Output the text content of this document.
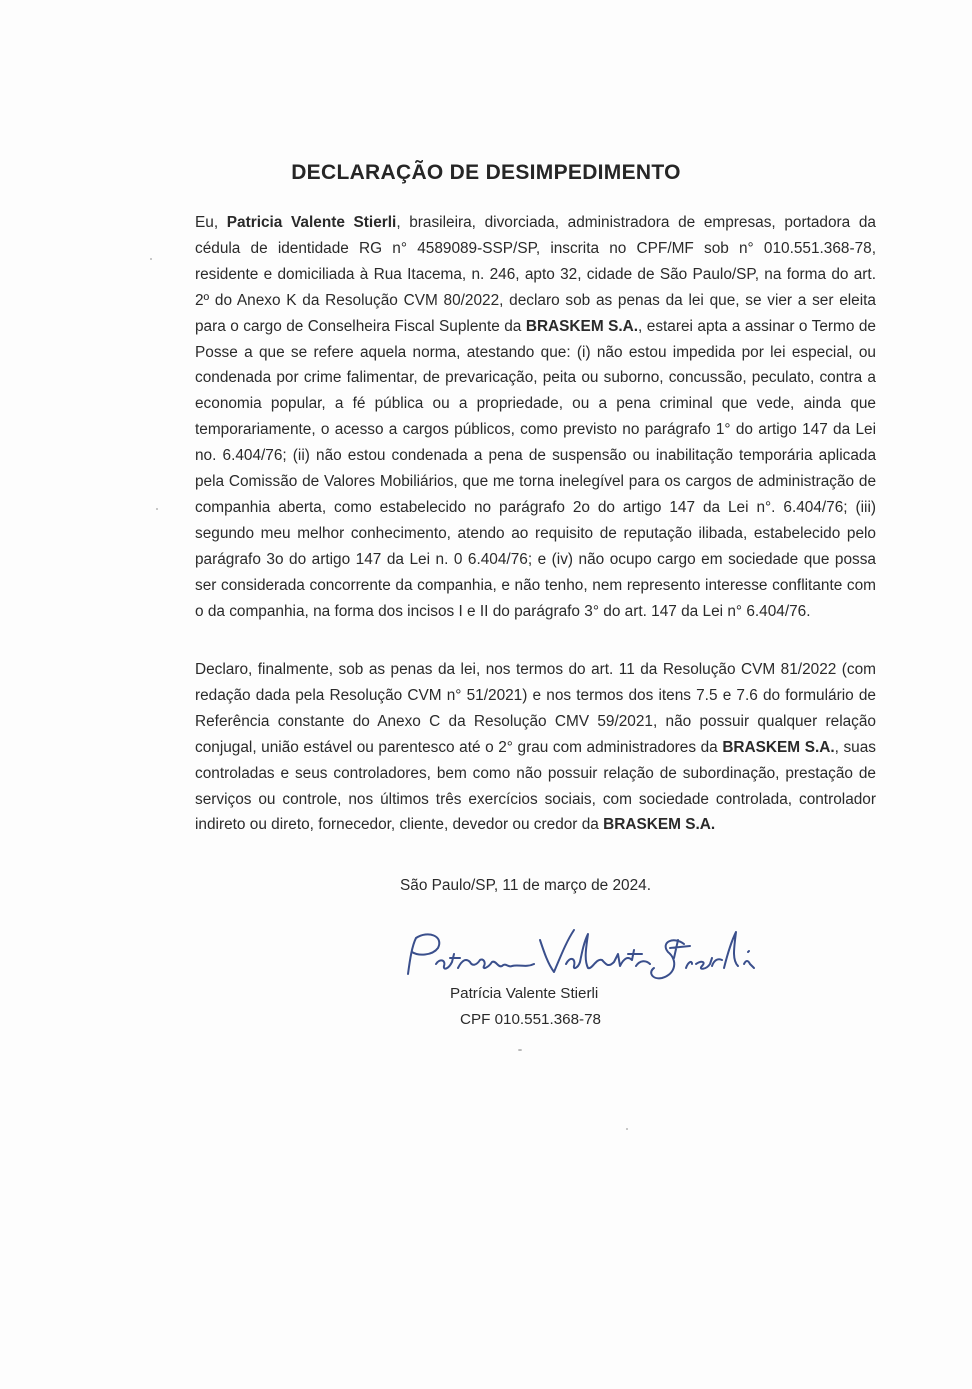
DECLARAÇÃO DE DESIMPEDIMENTO

Eu, Patricia Valente Stierli, brasileira, divorciada, administradora de empresas, portadora da cédula de identidade RG n° 4589089-SSP/SP, inscrita no CPF/MF sob n° 010.551.368-78, residente e domiciliada à Rua Itacema, n. 246, apto 32, cidade de São Paulo/SP, na forma do art. 2º do Anexo K da Resolução CVM 80/2022, declaro sob as penas da lei que, se vier a ser eleita para o cargo de Conselheira Fiscal Suplente da BRASKEM S.A., estarei apta a assinar o Termo de Posse a que se refere aquela norma, atestando que: (i) não estou impedida por lei especial, ou condenada por crime falimentar, de prevaricação, peita ou suborno, concussão, peculato, contra a economia popular, a fé pública ou a propriedade, ou a pena criminal que vede, ainda que temporariamente, o acesso a cargos públicos, como previsto no parágrafo 1° do artigo 147 da Lei no. 6.404/76; (ii) não estou condenada a pena de suspensão ou inabilitação temporária aplicada pela Comissão de Valores Mobiliários, que me torna inelegível para os cargos de administração de companhia aberta, como estabelecido no parágrafo 2o do artigo 147 da Lei n°. 6.404/76; (iii) segundo meu melhor conhecimento, atendo ao requisito de reputação ilibada, estabelecido pelo parágrafo 3o do artigo 147 da Lei n. 0 6.404/76; e (iv) não ocupo cargo em sociedade que possa ser considerada concorrente da companhia, e não tenho, nem represento interesse conflitante com o da companhia, na forma dos incisos I e II do parágrafo 3° do art. 147 da Lei n° 6.404/76.

Declaro, finalmente, sob as penas da lei, nos termos do art. 11 da Resolução CVM 81/2022 (com redação dada pela Resolução CVM n° 51/2021) e nos termos dos itens 7.5 e 7.6 do formulário de Referência constante do Anexo C da Resolução CMV 59/2021, não possuir qualquer relação conjugal, união estável ou parentesco até o 2° grau com administradores da BRASKEM S.A., suas controladas e seus controladores, bem como não possuir relação de subordinação, prestação de serviços ou controle, nos últimos três exercícios sociais, com sociedade controlada, controlador indireto ou direto, fornecedor, cliente, devedor ou credor da BRASKEM S.A.

São Paulo/SP, 11 de março de 2024.
Patrícia Valente Stierli
CPF 010.551.368-78
